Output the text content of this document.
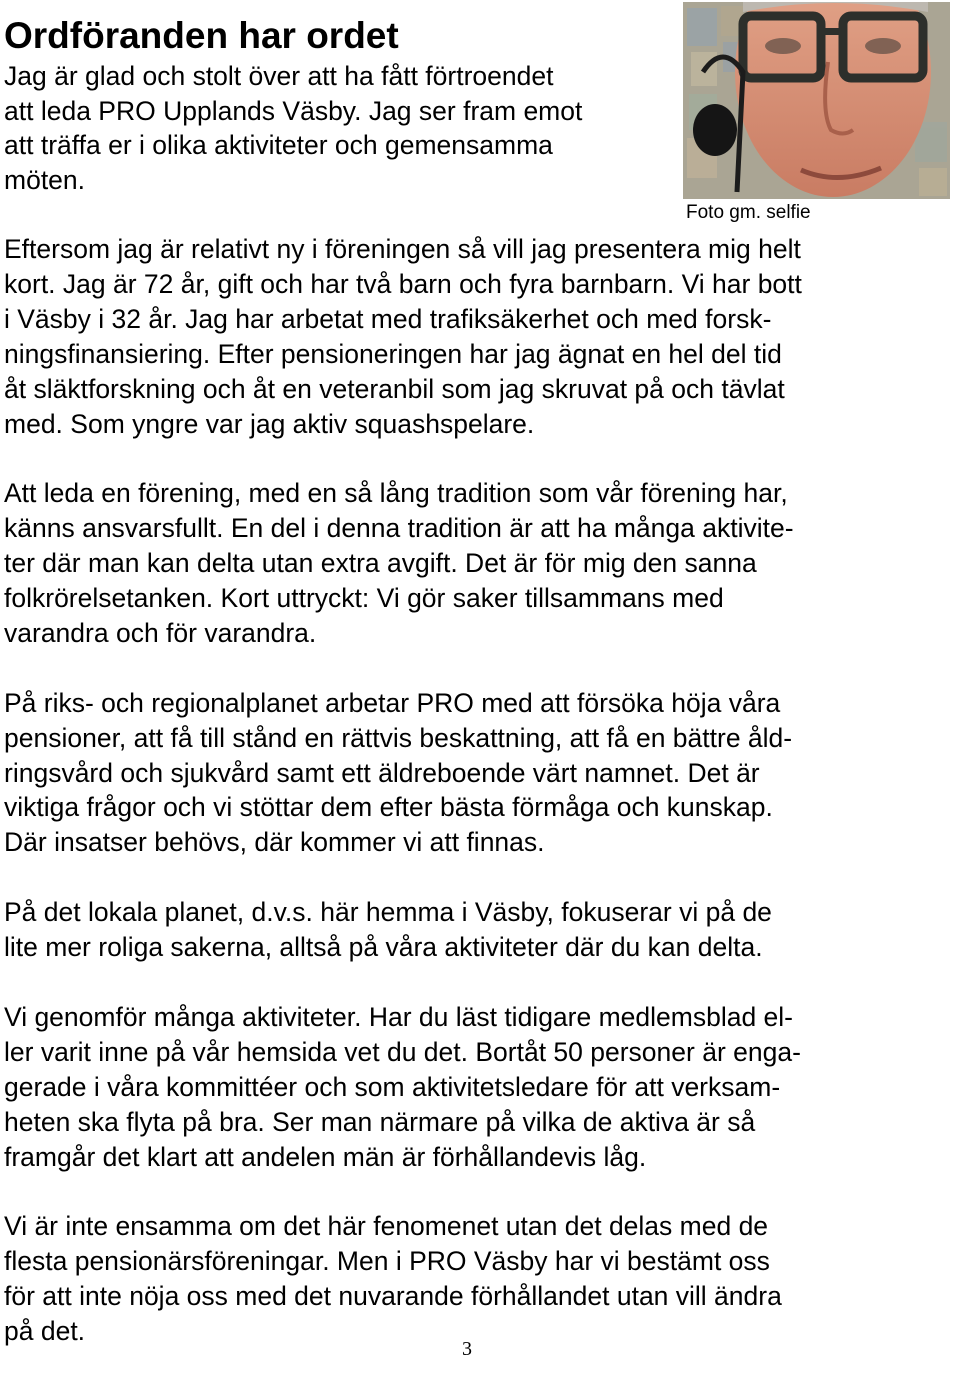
Ordföranden har ordet

Jag är glad och stolt över att ha fått förtroendet
att leda PRO Upplands Väsby. Jag ser fram emot
att träffa er i olika aktiviteter och gemensamma
möten.

Foto gm. selfie

Eftersom jag är relativt ny i föreningen så vill jag presentera mig helt
kort. Jag är 72 år, gift och har två barn och fyra barnbarn. Vi har bott
i Väsby i 32 år. Jag har arbetat med trafiksäkerhet och med forsk-
ningsfinansiering. Efter pensioneringen har jag ägnat en hel del tid
åt släktforskning och åt en veteranbil som jag skruvat på och tävlat
med. Som yngre var jag aktiv squashspelare.

Att leda en förening, med en så lång tradition som vår förening har,
känns ansvarsfullt. En del i denna tradition är att ha många aktivite-
ter där man kan delta utan extra avgift. Det är för mig den sanna
folkrörelsetanken. Kort uttryckt: Vi gör saker tillsammans med
varandra och för varandra.

På riks- och regionalplanet arbetar PRO med att försöka höja våra
pensioner, att få till stånd en rättvis beskattning, att få en bättre åld-
ringsvård och sjukvård samt ett äldreboende värt namnet. Det är
viktiga frågor och vi stöttar dem efter bästa förmåga och kunskap.
Där insatser behövs, där kommer vi att finnas.

På det lokala planet, d.v.s. här hemma i Väsby, fokuserar vi på de
lite mer roliga sakerna, alltså på våra aktiviteter där du kan delta.

Vi genomför många aktiviteter. Har du läst tidigare medlemsblad el-
ler varit inne på vår hemsida vet du det. Bortåt 50 personer är enga-
gerade i våra kommittéer och som aktivitetsledare för att verksam-
heten ska flyta på bra. Ser man närmare på vilka de aktiva är så
framgår det klart att andelen män är förhållandevis låg.

Vi är inte ensamma om det här fenomenet utan det delas med de
flesta pensionärsföreningar. Men i PRO Väsby har vi bestämt oss
för att inte nöja oss med det nuvarande förhållandet utan vill ändra
på det.

3
